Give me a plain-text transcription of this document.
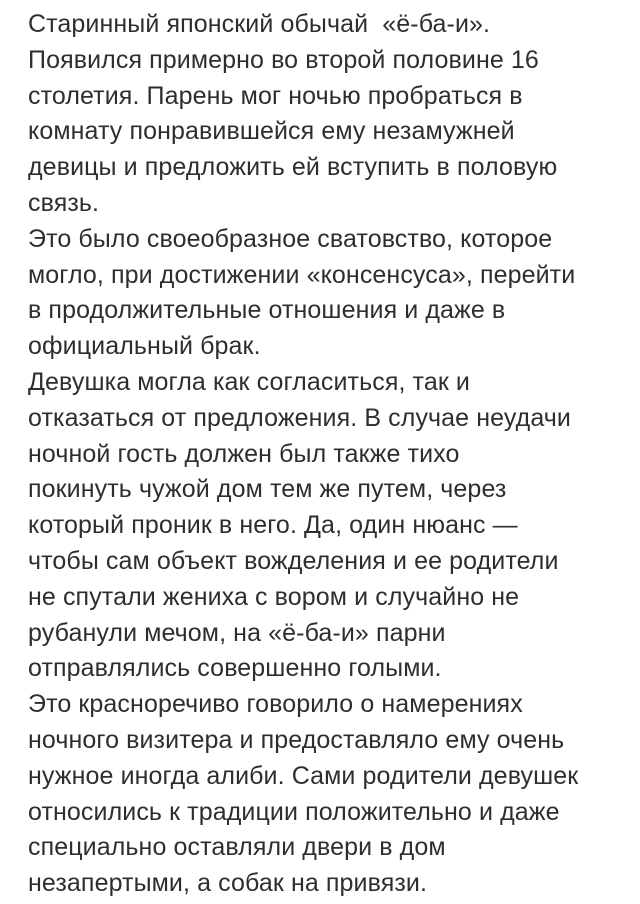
Старинный японский обычай  «ё-ба-и».
Появился примерно во второй половине 16
столетия. Парень мог ночью пробраться в
комнату понравившейся ему незамужней
девицы и предложить ей вступить в половую
связь.
Это было своеобразное сватовство, которое
могло, при достижении «консенсуса», перейти
в продолжительные отношения и даже в
официальный брак.
Девушка могла как согласиться, так и
отказаться от предложения. В случае неудачи
ночной гость должен был также тихо
покинуть чужой дом тем же путем, через
который проник в него. Да, один нюанс —
чтобы сам объект вожделения и ее родители
не спутали жениха с вором и случайно не
рубанули мечом, на «ё-ба-и» парни
отправлялись совершенно голыми.
Это красноречиво говорило о намерениях
ночного визитера и предоставляло ему очень
нужное иногда алиби. Сами родители девушек
относились к традиции положительно и даже
специально оставляли двери в дом
незапертыми, а собак на привязи.
